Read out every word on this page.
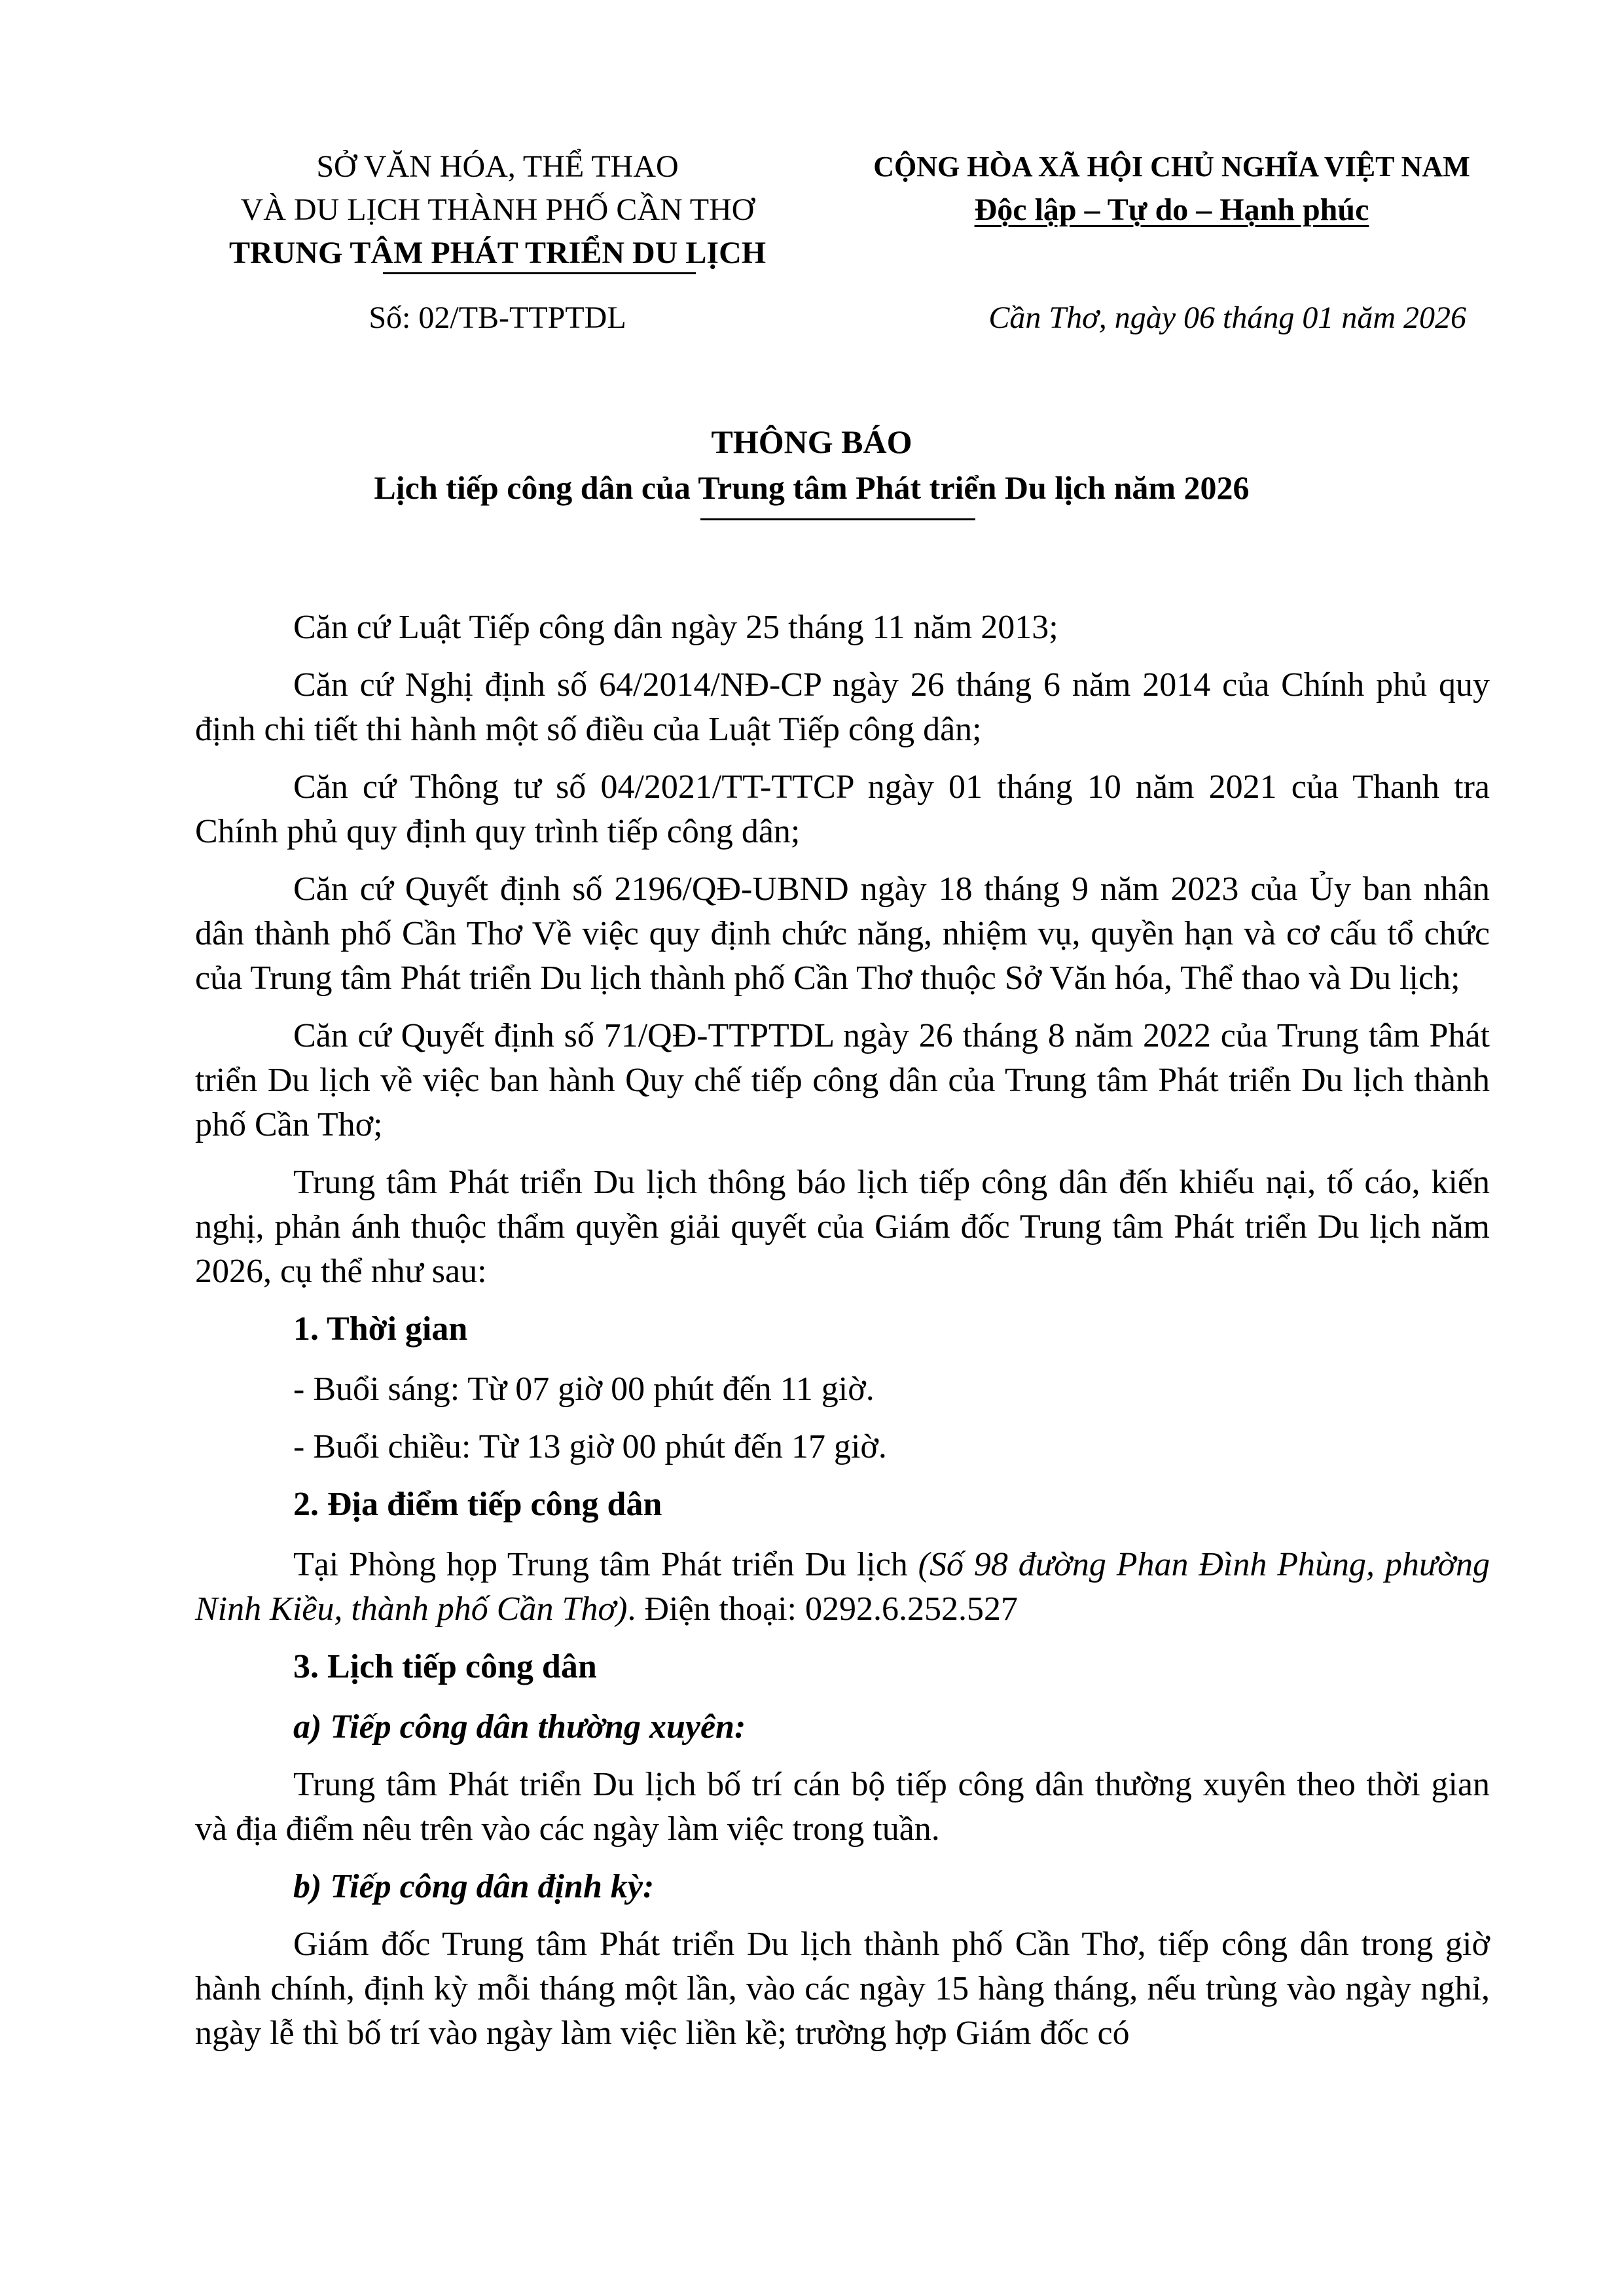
SỞ VĂN HÓA, THỂ THAO
VÀ DU LỊCH THÀNH PHỐ CẦN THƠ
TRUNG TÂM PHÁT TRIỂN DU LỊCH
CỘNG HÒA XÃ HỘI CHỦ NGHĨA VIỆT NAM
Độc lập – Tự do – Hạnh phúc
Số: 02/TB-TTPTDL	Cần Thơ, ngày 06 tháng 01 năm 2026
THÔNG BÁO
Lịch tiếp công dân của Trung tâm Phát triển Du lịch năm 2026

Căn cứ Luật Tiếp công dân ngày 25 tháng 11 năm 2013;

Căn cứ Nghị định số 64/2014/NĐ-CP ngày 26 tháng 6 năm 2014 của Chính phủ quy định chi tiết thi hành một số điều của Luật Tiếp công dân;

Căn cứ Thông tư số 04/2021/TT-TTCP ngày 01 tháng 10 năm 2021 của Thanh tra Chính phủ quy định quy trình tiếp công dân;

Căn cứ Quyết định số 2196/QĐ-UBND ngày 18 tháng 9 năm 2023 của Ủy ban nhân dân thành phố Cần Thơ Về việc quy định chức năng, nhiệm vụ, quyền hạn và cơ cấu tổ chức của Trung tâm Phát triển Du lịch thành phố Cần Thơ thuộc Sở Văn hóa, Thể thao và Du lịch;

Căn cứ Quyết định số 71/QĐ-TTPTDL ngày 26 tháng 8 năm 2022 của Trung tâm Phát triển Du lịch về việc ban hành Quy chế tiếp công dân của Trung tâm Phát triển Du lịch thành phố Cần Thơ;

Trung tâm Phát triển Du lịch thông báo lịch tiếp công dân đến khiếu nại, tố cáo, kiến nghị, phản ánh thuộc thẩm quyền giải quyết của Giám đốc Trung tâm Phát triển Du lịch năm 2026, cụ thể như sau:

1. Thời gian

- Buổi sáng: Từ 07 giờ 00 phút đến 11 giờ.

- Buổi chiều: Từ 13 giờ 00 phút đến 17 giờ.

2. Địa điểm tiếp công dân

Tại Phòng họp Trung tâm Phát triển Du lịch (Số 98 đường Phan Đình Phùng, phường Ninh Kiều, thành phố Cần Thơ). Điện thoại: 0292.6.252.527

3. Lịch tiếp công dân

a) Tiếp công dân thường xuyên:

Trung tâm Phát triển Du lịch bố trí cán bộ tiếp công dân thường xuyên theo thời gian và địa điểm nêu trên vào các ngày làm việc trong tuần.

b) Tiếp công dân định kỳ:

Giám đốc Trung tâm Phát triển Du lịch thành phố Cần Thơ, tiếp công dân trong giờ hành chính, định kỳ mỗi tháng một lần, vào các ngày 15 hàng tháng, nếu trùng vào ngày nghỉ, ngày lễ thì bố trí vào ngày làm việc liền kề; trường hợp Giám đốc có
